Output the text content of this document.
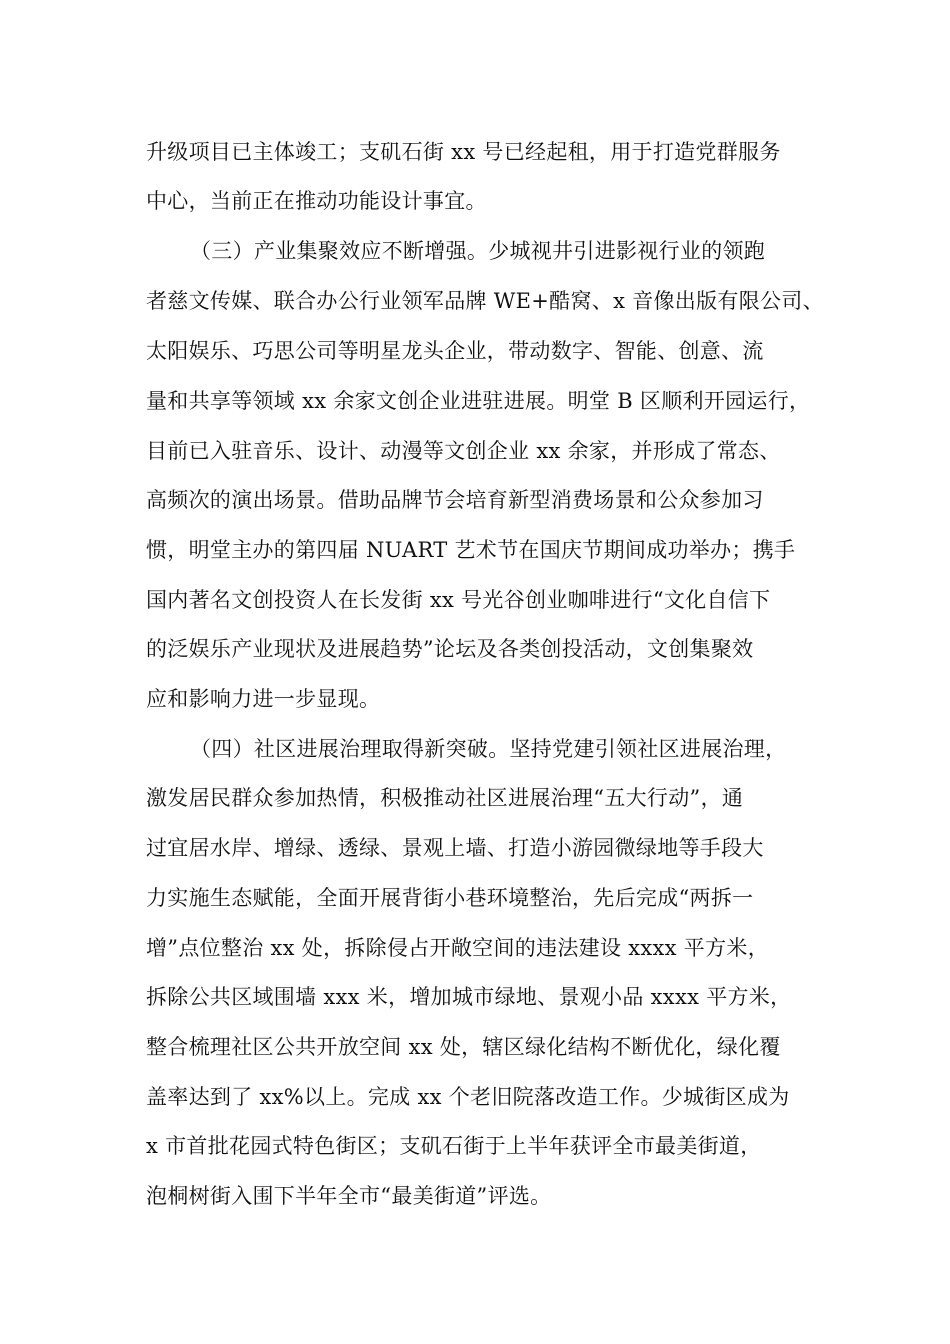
升级项目已主体竣工；支矶石街 xx 号已经起租，用于打造党群服务
中心，当前正在推动功能设计事宜。
（三）产业集聚效应不断增强。少城视井引进影视行业的领跑
者慈文传媒、联合办公行业领军品牌 WE+酷窝、x 音像出版有限公司、
太阳娱乐、巧思公司等明星龙头企业，带动数字、智能、创意、流
量和共享等领域 xx 余家文创企业进驻进展。明堂 B 区顺利开园运行，
目前已入驻音乐、设计、动漫等文创企业 xx 余家，并形成了常态、
高频次的演出场景。借助品牌节会培育新型消费场景和公众参加习
惯，明堂主办的第四届 NUART 艺术节在国庆节期间成功举办；携手
国内著名文创投资人在长发街 xx 号光谷创业咖啡进行“文化自信下
的泛娱乐产业现状及进展趋势”论坛及各类创投活动，文创集聚效
应和影响力进一步显现。
（四）社区进展治理取得新突破。坚持党建引领社区进展治理，
激发居民群众参加热情，积极推动社区进展治理“五大行动”，通
过宜居水岸、增绿、透绿、景观上墙、打造小游园微绿地等手段大
力实施生态赋能，全面开展背街小巷环境整治，先后完成“两拆一
增”点位整治 xx 处，拆除侵占开敞空间的违法建设 xxxx 平方米，
拆除公共区域围墙 xxx 米，增加城市绿地、景观小品 xxxx 平方米，
整合梳理社区公共开放空间 xx 处，辖区绿化结构不断优化，绿化覆
盖率达到了 xx%以上。完成 xx 个老旧院落改造工作。少城街区成为
x 市首批花园式特色街区；支矶石街于上半年获评全市最美街道，
泡桐树街入围下半年全市“最美街道”评选。
